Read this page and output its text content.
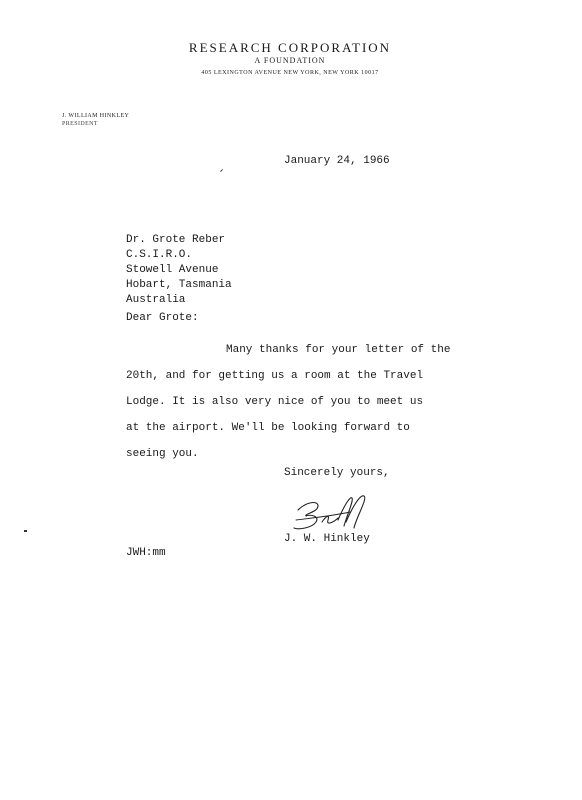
RESEARCH CORPORATION
A FOUNDATION
405 LEXINGTON AVENUE NEW YORK, NEW YORK 10017
J. WILLIAM HINKLEY
PRESIDENT
January 24, 1966
Dr. Grote Reber
C.S.I.R.O.
Stowell Avenue
Hobart, Tasmania
Australia
Dear Grote:
Many thanks for your letter of the
20th, and for getting us a room at the Travel
Lodge. It is also very nice of you to meet us
at the airport. We'll be looking forward to
seeing you.
Sincerely yours,
J. W. Hinkley
JWH:mm
